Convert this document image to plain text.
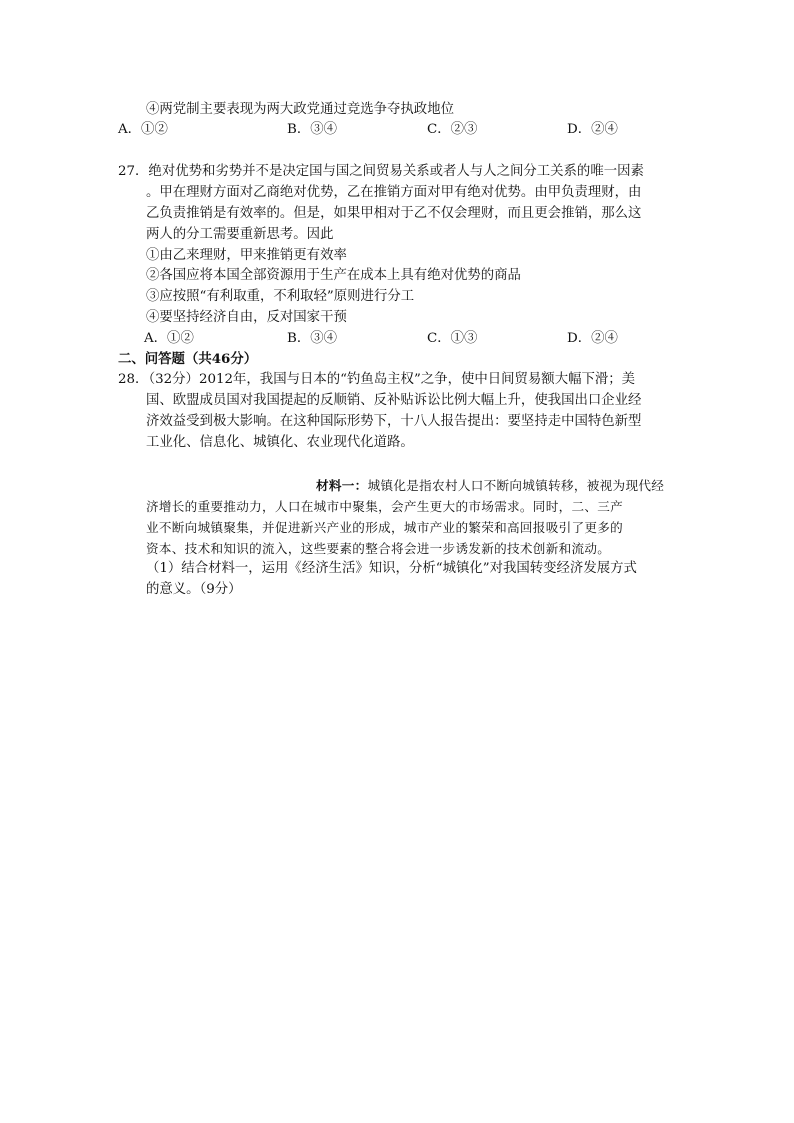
④两党制主要表现为两大政党通过竞选争夺执政地位
A．①②	B．③④	C．②③	D．②④
27．绝对优势和劣势并不是决定国与国之间贸易关系或者人与人之间分工关系的唯一因素
。甲在理财方面对乙商绝对优势，乙在推销方面对甲有绝对优势。由甲负责理财，由
乙负责推销是有效率的。但是，如果甲相对于乙不仅会理财，而且更会推销，那么这
两人的分工需要重新思考。因此
①由乙来理财，甲来推销更有效率
②各国应将本国全部资源用于生产在成本上具有绝对优势的商品
③应按照“有利取重，不利取轻”原则进行分工
④要坚持经济自由，反对国家干预
A．①②	B．③④	C．①③	D．②④
二、问答题（共46分）
28．（32分）2012年，我国与日本的“钓鱼岛主权”之争，使中日间贸易额大幅下滑；美
国、欧盟成员国对我国提起的反顺销、反补贴诉讼比例大幅上升，使我国出口企业经
济效益受到极大影响。在这种国际形势下，十八人报告提出：要坚持走中国特色新型
工业化、信息化、城镇化、农业现代化道路。
材料一：城镇化是指农村人口不断向城镇转移，被视为现代经
济增长的重要推动力，人口在城市中聚集，会产生更大的市场需求。同时，二、三产
业不断向城镇聚集，并促进新兴产业的形成，城市产业的繁荣和高回报吸引了更多的
资本、技术和知识的流入，这些要素的整合将会进一步诱发新的技术创新和流动。
（1）结合材料一，运用《经济生活》知识，分析“城镇化”对我国转变经济发展方式
的意义。（9分）
